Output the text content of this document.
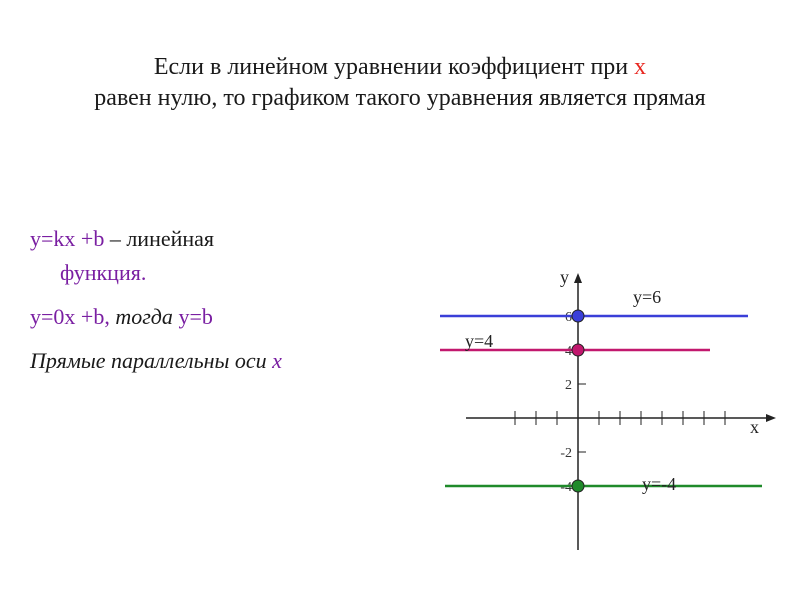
Если в линейном уравнении коэффициент при х
равен нулю, то графиком такого уравнения является прямая
y=kx +b – линейная
функция.
y=0x +b, тогда y=b
Прямые параллельны оси х
6
4
2
-2
-4
x
y
y=6
y=4
y=-4
